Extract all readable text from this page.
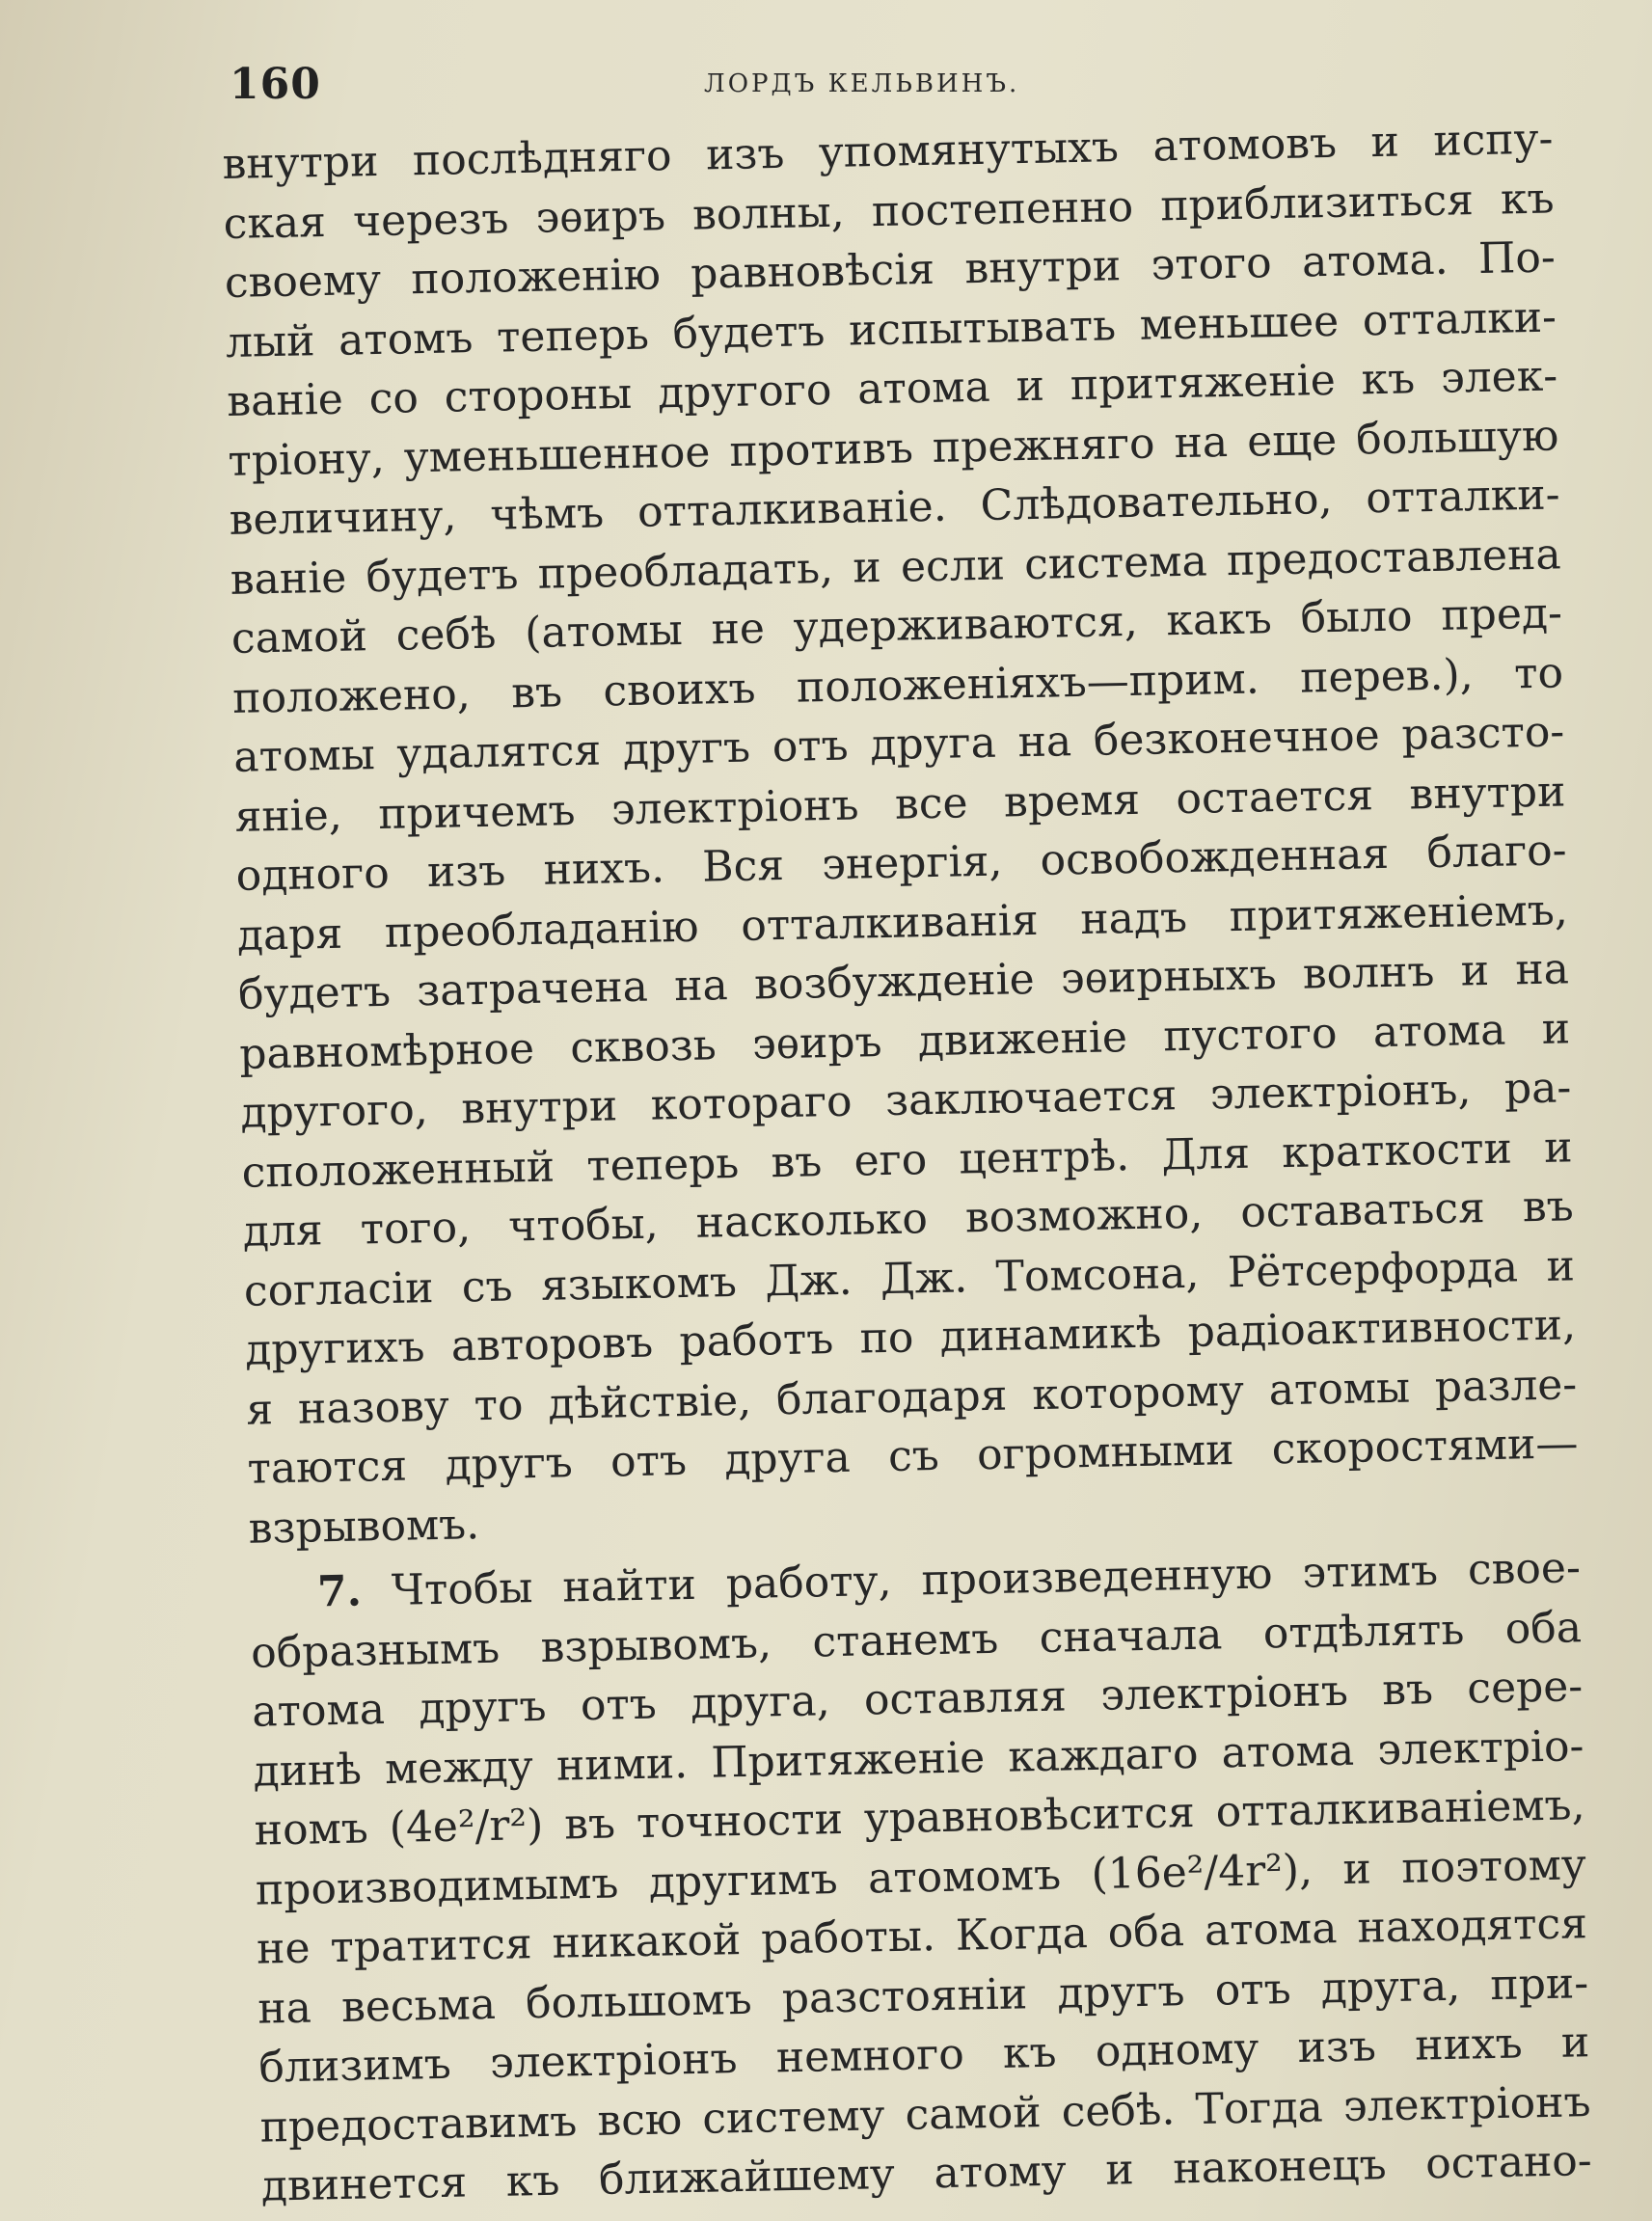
160	ЛОРДЪ КЕЛЬВИНЪ.
внутри послѣдняго изъ упомянутыхъ атомовъ и испу-
ская черезъ эѳиръ волны, постепенно приблизиться къ
своему положенію равновѣсія внутри этого атома. По-
лый атомъ теперь будетъ испытывать меньшее отталки-
ваніе со стороны другого атома и притяженіе къ элек-
тріону, уменьшенное противъ прежняго на еще большую
величину, чѣмъ отталкиваніе. Слѣдовательно, отталки-
ваніе будетъ преобладать, и если система предоставлена
самой себѣ (атомы не удерживаются, какъ было пред-
положено, въ своихъ положеніяхъ—прим. перев.), то
атомы удалятся другъ отъ друга на безконечное разсто-
яніе, причемъ электріонъ все время остается внутри
одного изъ нихъ. Вся энергія, освобожденная благо-
даря преобладанію отталкиванія надъ притяженіемъ,
будетъ затрачена на возбужденіе эѳирныхъ волнъ и на
равномѣрное сквозь эѳиръ движеніе пустого атома и
другого, внутри котораго заключается электріонъ, ра-
сположенный теперь въ его центрѣ. Для краткости и
для того, чтобы, насколько возможно, оставаться въ
согласіи съ языкомъ Дж. Дж. Томсона, Рётсерфорда и
другихъ авторовъ работъ по динамикѣ радіоактивности,
я назову то дѣйствіе, благодаря которому атомы разле-
таются другъ отъ друга съ огромными скоростями—
взрывомъ.
7. Чтобы найти работу, произведенную этимъ свое-
образнымъ взрывомъ, станемъ сначала отдѣлять оба
атома другъ отъ друга, оставляя электріонъ въ сере-
динѣ между ними. Притяженіе каждаго атома электріо-
номъ (4e²/r²) въ точности уравновѣсится отталкиваніемъ,
производимымъ другимъ атомомъ (16e²/4r²), и поэтому
не тратится никакой работы. Когда оба атома находятся
на весьма большомъ разстояніи другъ отъ друга, при-
близимъ электріонъ немного къ одному изъ нихъ и
предоставимъ всю систему самой себѣ. Тогда электріонъ
двинется къ ближайшему атому и наконецъ остано-
